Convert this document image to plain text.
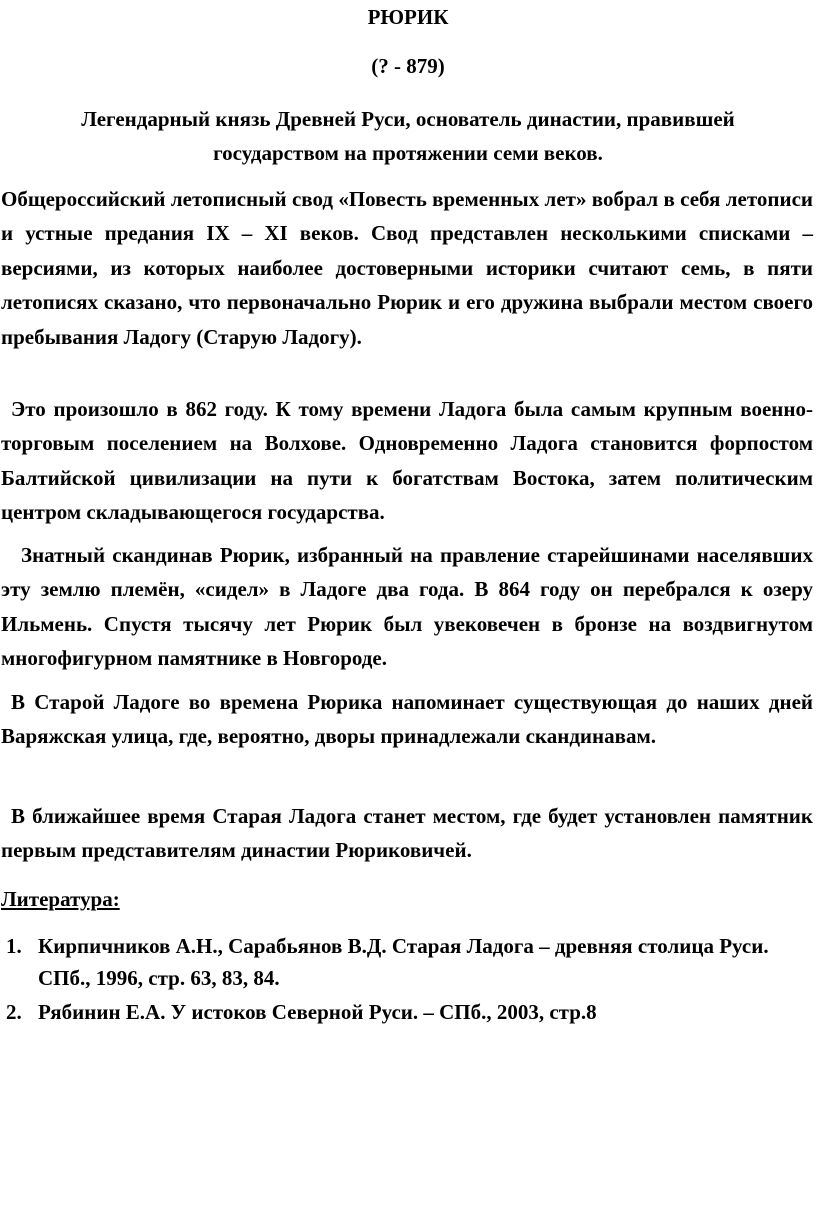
РЮРИК
(? - 879)
Легендарный князь Древней Руси, основатель династии, правившей
государством на протяжении семи веков.

Общероссийский летописный свод «Повесть временных лет» вобрал в себя летописи и устные предания IX – XI веков. Свод представлен несколькими списками – версиями, из которых наиболее достоверными историки считают семь, в пяти летописях сказано, что первоначально Рюрик и его дружина выбрали местом своего пребывания Ладогу (Старую Ладогу).

Это произошло в 862 году. К тому времени Ладога была самым крупным военно-торговым поселением на Волхове. Одновременно Ладога становится форпостом Балтийской цивилизации на пути к богатствам Востока, затем политическим центром складывающегося государства.

Знатный скандинав Рюрик, избранный на правление старейшинами населявших эту землю племён, «сидел» в Ладоге два года. В 864 году он перебрался к озеру Ильмень. Спустя тысячу лет Рюрик был увековечен в бронзе на воздвигнутом многофигурном памятнике в Новгороде.

В Старой Ладоге во времена Рюрика напоминает существующая до наших дней Варяжская улица, где, вероятно, дворы принадлежали скандинавам.

В ближайшее время Старая Ладога станет местом, где будет установлен памятник первым представителям династии Рюриковичей.

Литература:
1. Кирпичников А.Н., Сарабьянов В.Д. Старая Ладога – древняя столица Руси. СПб., 1996, стр. 63, 83, 84.
2. Рябинин Е.А. У истоков Северной Руси. – СПб., 2003, стр.8
